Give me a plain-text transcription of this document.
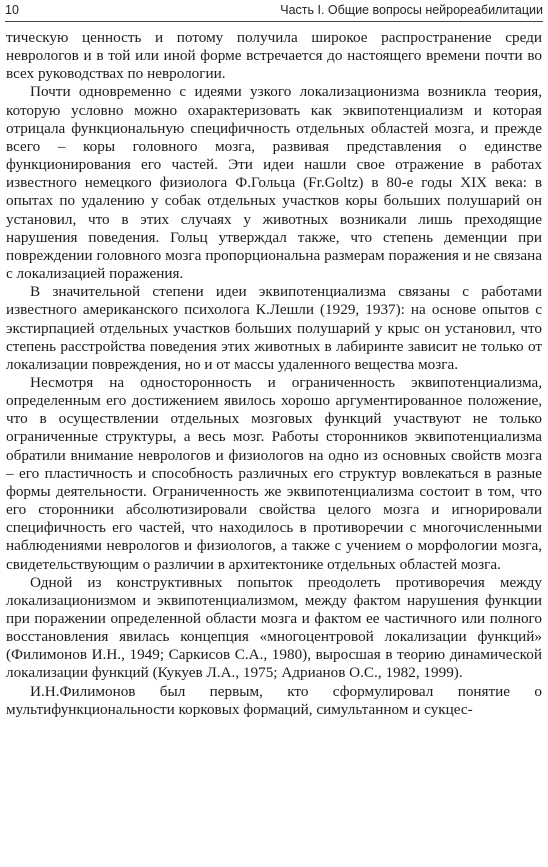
10	Часть I. Общие вопросы нейрореабилитации

тическую ценность и потому получила широкое распространение среди неврологов и в той или иной форме встречается до настоящего времени почти во всех руководствах по неврологии.

Почти одновременно с идеями узкого локализационизма возникла теория, которую условно можно охарактеризовать как эквипотенциализм и которая отрицала функциональную специфичность отдельных областей мозга, и прежде всего – коры головного мозга, развивая представления о единстве функционирования его частей. Эти идеи нашли свое отражение в работах известного немецкого физиолога Ф.Гольца (Fr.Goltz) в 80-е годы XIX века: в опытах по удалению у собак отдельных участков коры больших полушарий он установил, что в этих случаях у животных возникали лишь преходящие нарушения поведения. Гольц утверждал также, что степень деменции при повреждении головного мозга пропорциональна размерам поражения и не связана с локализацией поражения.

В значительной степени идеи эквипотенциализма связаны с работами известного американского психолога К.Лешли (1929, 1937): на основе опытов с экстирпацией отдельных участков больших полушарий у крыс он установил, что степень расстройства поведения этих животных в лабиринте зависит не только от локализации повреждения, но и от массы удаленного вещества мозга.

Несмотря на односторонность и ограниченность эквипотенциализма, определенным его достижением явилось хорошо аргументированное положение, что в осуществлении отдельных мозговых функций участвуют не только ограниченные структуры, а весь мозг. Работы сторонников эквипотенциализма обратили внимание неврологов и физиологов на одно из основных свойств мозга – его пластичность и способность различных его структур вовлекаться в разные формы деятельности. Ограниченность же эквипотенциализма состоит в том, что его сторонники абсолютизировали свойства целого мозга и игнорировали специфичность его частей, что находилось в противоречии с многочисленными наблюдениями неврологов и физиологов, а также с учением о морфологии мозга, свидетельствующим о различии в архитектонике отдельных областей мозга.

Одной из конструктивных попыток преодолеть противоречия между локализационизмом и эквипотенциализмом, между фактом нарушения функции при поражении определенной области мозга и фактом ее частичного или полного восстановления явилась концепция «многоцентровой локализации функций» (Филимонов И.Н., 1949; Саркисов С.А., 1980), выросшая в теорию динамической локализации функций (Кукуев Л.А., 1975; Адрианов О.С., 1982, 1999).

И.Н.Филимонов был первым, кто сформулировал понятие о мультифункциональности корковых формаций, симультанном и сукцес-
